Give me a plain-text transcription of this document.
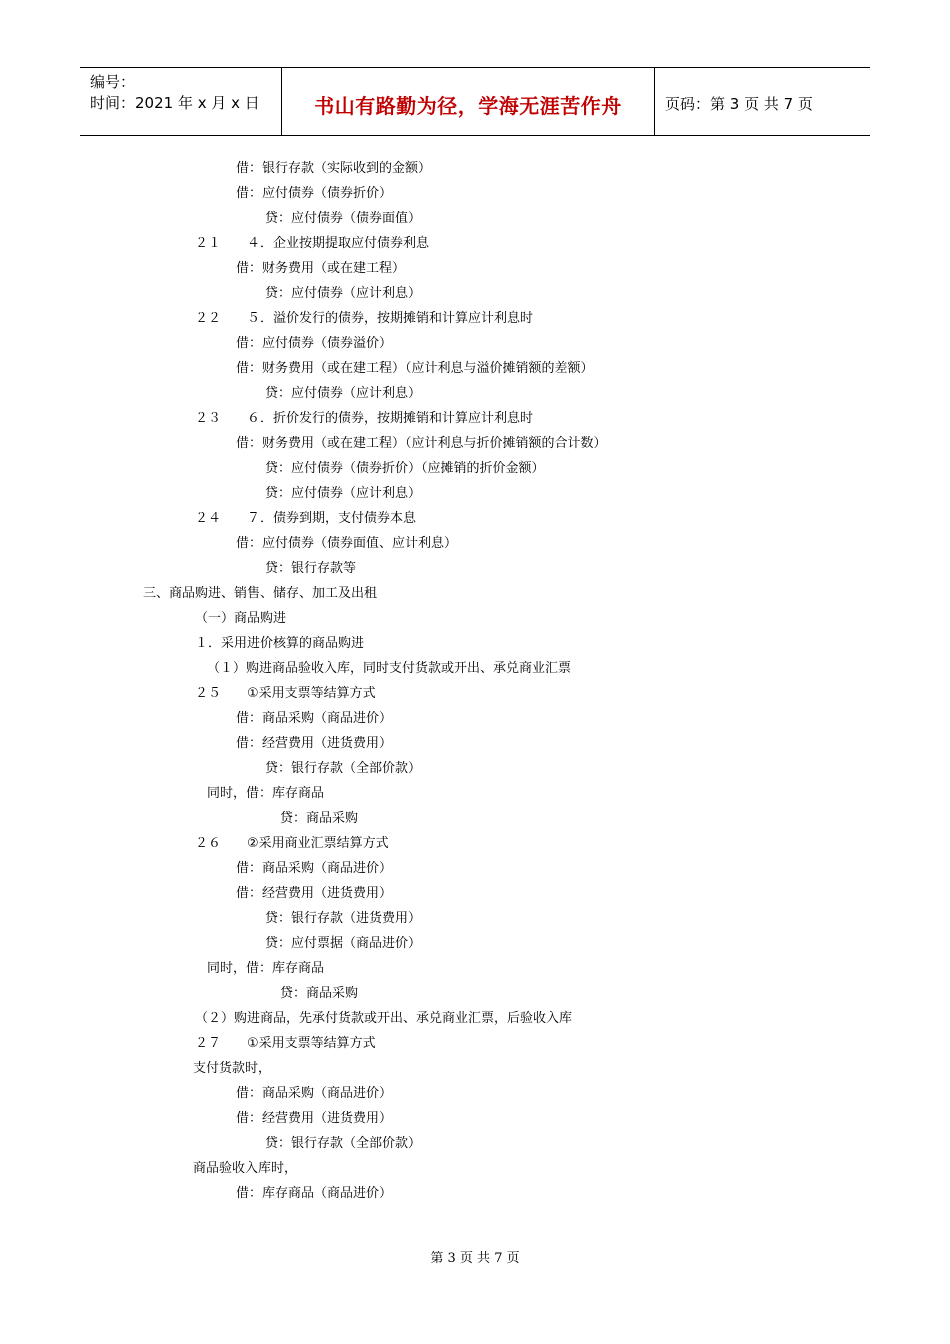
编号：
时间：2021 年 x 月 x 日	书山有路勤为径，学海无涯苦作舟	页码：第 3 页 共 7 页
借：银行存款（实际收到的金额）
借：应付债券（债券折价）
贷：应付债券（债券面值）
２１　　４．企业按期提取应付债券利息
借：财务费用（或在建工程）
贷：应付债券（应计利息）
２２　　５．溢价发行的债券，按期摊销和计算应计利息时
借：应付债券（债券溢价）
借：财务费用（或在建工程）（应计利息与溢价摊销额的差额）
贷：应付债券（应计利息）
２３　　６．折价发行的债券，按期摊销和计算应计利息时
借：财务费用（或在建工程）（应计利息与折价摊销额的合计数）
贷：应付债券（债券折价）（应摊销的折价金额）
贷：应付债券（应计利息）
２４　　７．债券到期，支付债券本息
借：应付债券（债券面值、应计利息）
贷：银行存款等
三、商品购进、销售、储存、加工及出租
（一）商品购进
１．采用进价核算的商品购进
（１）购进商品验收入库，同时支付货款或开出、承兑商业汇票
２５　　①采用支票等结算方式
借：商品采购（商品进价）
借：经营费用（进货费用）
贷：银行存款（全部价款）
同时，借：库存商品
贷：商品采购
２６　　②采用商业汇票结算方式
借：商品采购（商品进价）
借：经营费用（进货费用）
贷：银行存款（进货费用）
贷：应付票据（商品进价）
同时，借：库存商品
贷：商品采购
（２）购进商品，先承付货款或开出、承兑商业汇票，后验收入库
２７　　①采用支票等结算方式
支付货款时，
借：商品采购（商品进价）
借：经营费用（进货费用）
贷：银行存款（全部价款）
商品验收入库时，
借：库存商品（商品进价）
第 3 页 共 7 页
